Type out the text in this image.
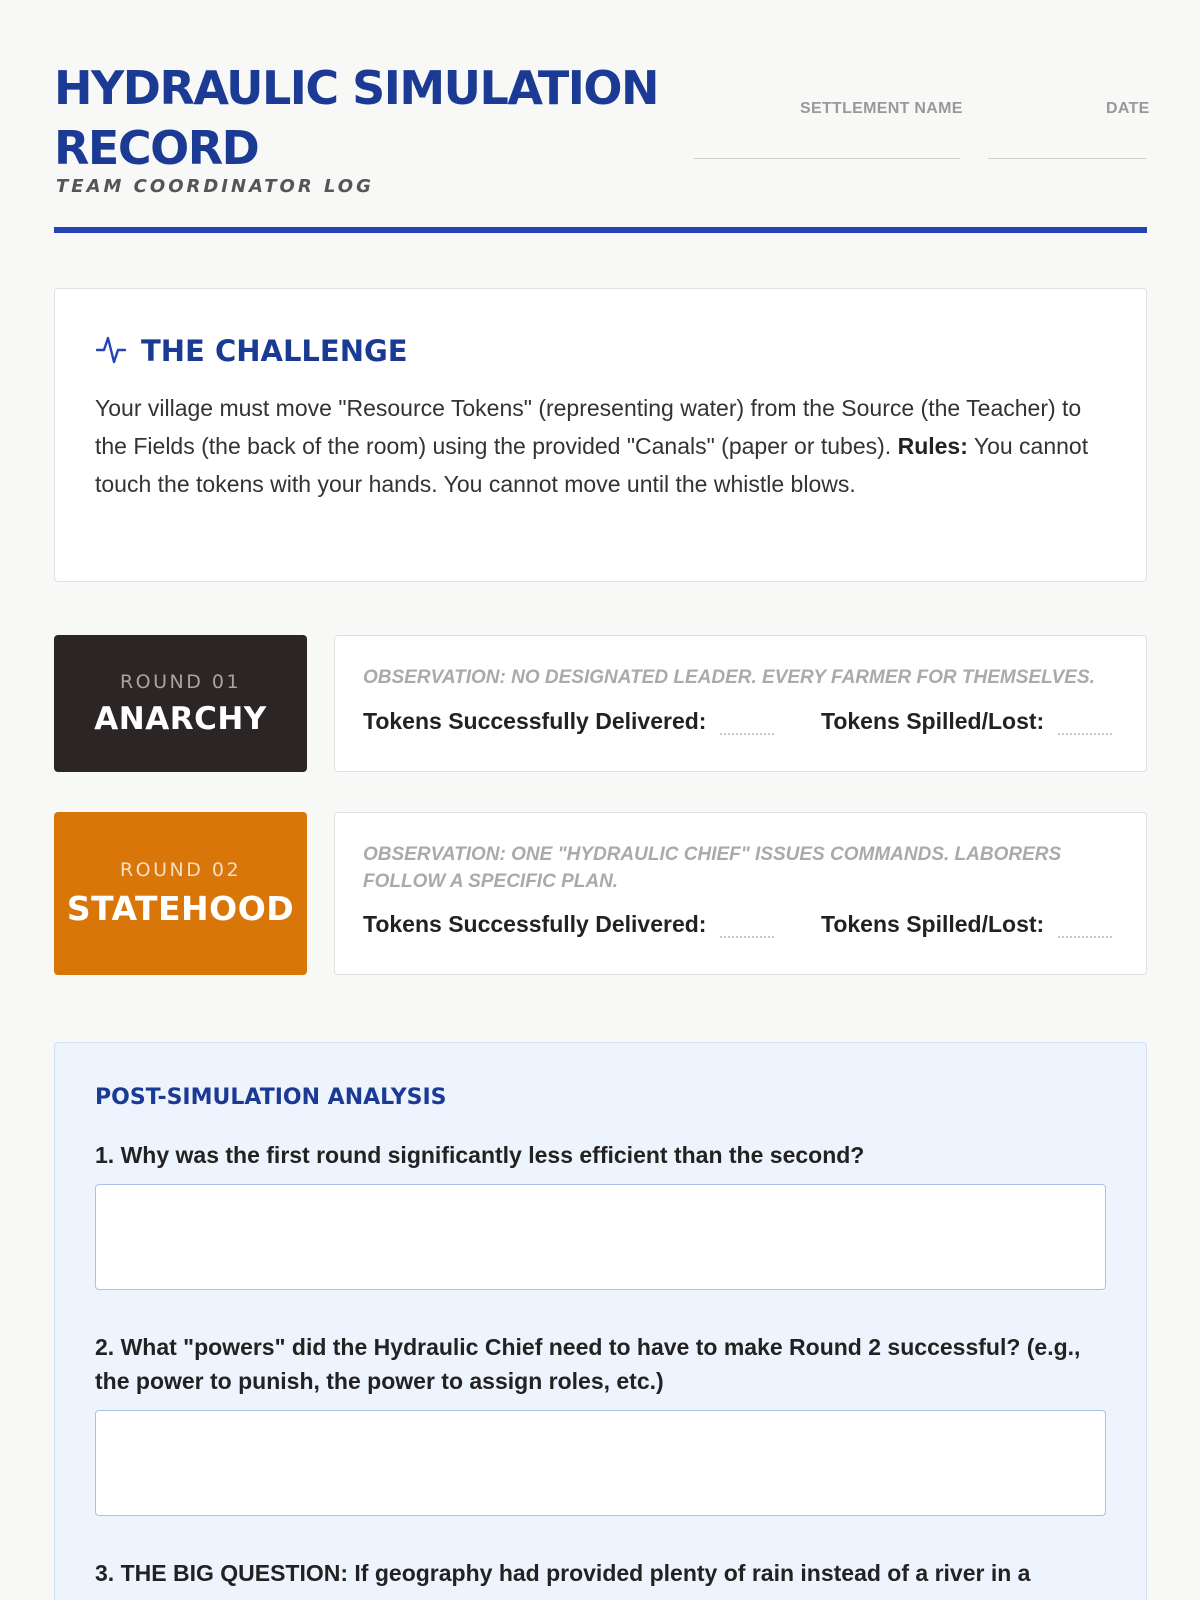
HYDRAULIC SIMULATION RECORD
TEAM COORDINATOR LOG
SETTLEMENT NAME	DATE
THE CHALLENGE
Your village must move "Resource Tokens" (representing water) from the Source (the Teacher) to the Fields (the back of the room) using the provided "Canals" (paper or tubes). Rules: You cannot touch the tokens with your hands. You cannot move until the whistle blows.
ROUND 01
ANARCHY
OBSERVATION: NO DESIGNATED LEADER. EVERY FARMER FOR THEMSELVES.
Tokens Successfully Delivered:	Tokens Spilled/Lost:
ROUND 02
STATEHOOD
OBSERVATION: ONE "HYDRAULIC CHIEF" ISSUES COMMANDS. LABORERS FOLLOW A SPECIFIC PLAN.
Tokens Successfully Delivered:	Tokens Spilled/Lost:
POST-SIMULATION ANALYSIS
1. Why was the first round significantly less efficient than the second?
2. What "powers" did the Hydraulic Chief need to have to make Round 2 successful? (e.g., the power to punish, the power to assign roles, etc.)
3. THE BIG QUESTION: If geography had provided plenty of rain instead of a river in a
